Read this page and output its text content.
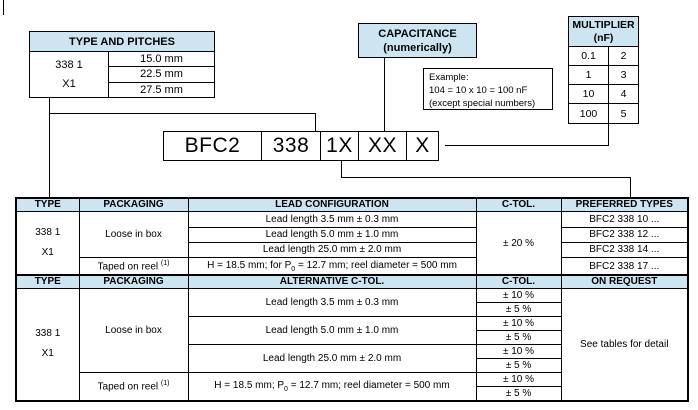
TYPE AND PITCHES
338 1
X1
15.0 mm
22.5 mm
27.5 mm
CAPACITANCE
(numerically)
Example:
104 = 10 x 10 = 100 nF
(except special numbers)
MULTIPLIER
(nF)
0.1	2
1	3
10	4
100	5
BFC2	338 1X XX X
TYPE	PACKAGING	LEAD CONFIGURATION	C-TOL.	PREFERRED TYPES

338 1
X1	Loose in box	Lead length 3.5 mm ± 0.3 mm	± 20 %	BFC2 338 10 ...
		Lead length 5.0 mm ± 1.0 mm		BFC2 338 12 ...
		Lead length 25.0 mm ± 2.0 mm		BFC2 338 14 ...
	Taped on reel $^{(1)}$	H = 18.5 mm; for $P_0 = 12.7$ mm; reel diameter = 500 mm		BFC2 338 17 ...
TYPE	PACKAGING	ALTERNATIVE C-TOL.	C-TOL.	ON REQUEST

338 1
X1	Loose in box	Lead length 3.5 mm ± 0.3 mm	± 10 %	See tables for detail
			± 5 %	
		Lead length 5.0 mm ± 1.0 mm	± 10 %	
			± 5 %	
		Lead length 25.0 mm ± 2.0 mm	± 10 %	
			± 5 %	
	Taped on reel $^{(1)}$	H = 18.5 mm; $P_0 = 12.7$ mm; reel diameter = 500 mm	± 10 %	
			± 5 %	
